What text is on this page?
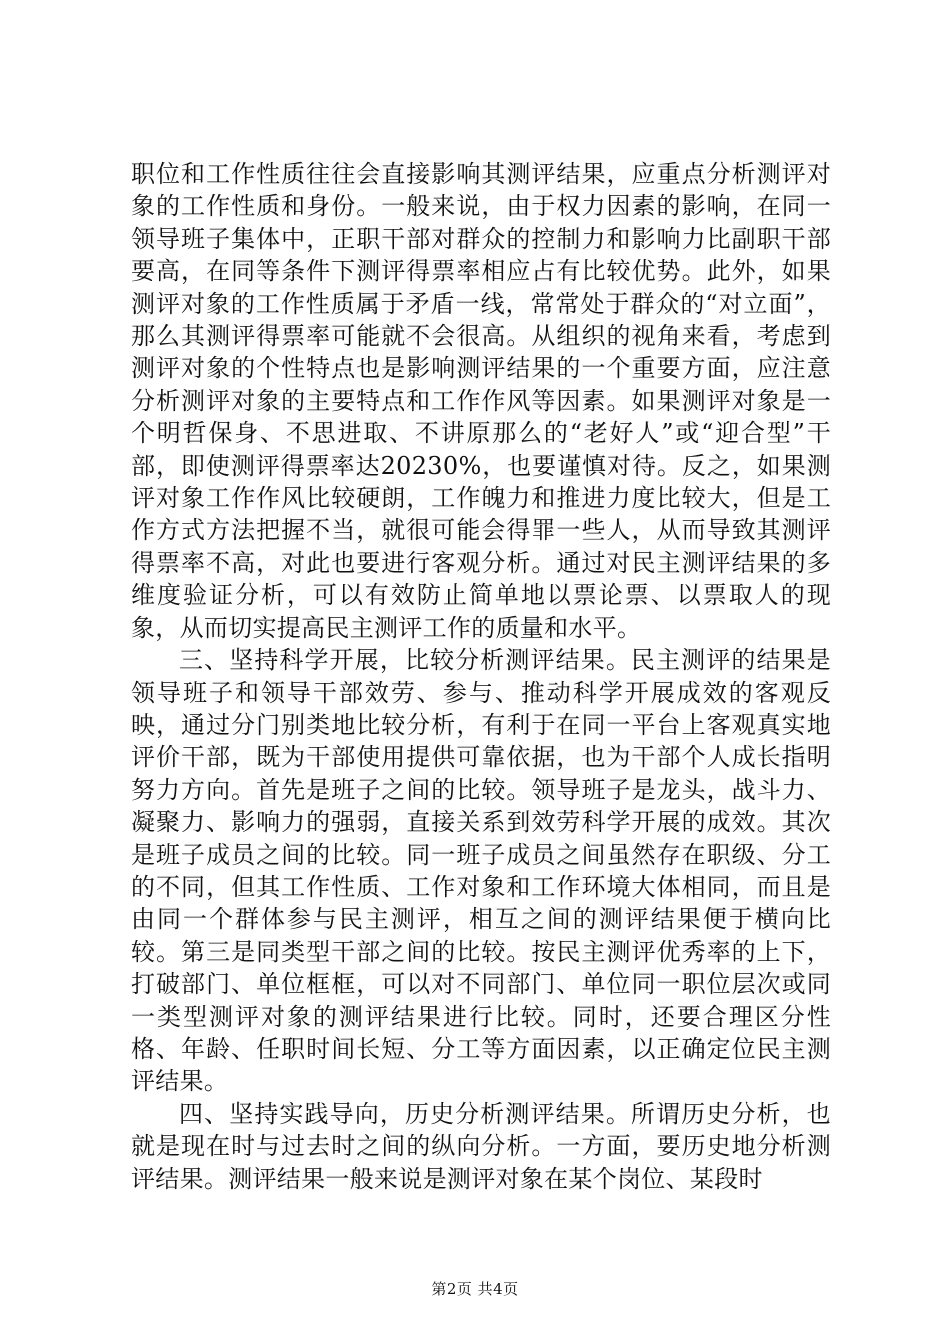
职位和工作性质往往会直接影响其测评结果，应重点分析测评对象的工作性质和身份。一般来说，由于权力因素的影响，在同一领导班子集体中，正职干部对群众的控制力和影响力比副职干部要高，在同等条件下测评得票率相应占有比较优势。此外，如果测评对象的工作性质属于矛盾一线，常常处于群众的“对立面”，那么其测评得票率可能就不会很高。从组织的视角来看，考虑到测评对象的个性特点也是影响测评结果的一个重要方面，应注意分析测评对象的主要特点和工作作风等因素。如果测评对象是一个明哲保身、不思进取、不讲原那么的“老好人”或“迎合型”干部，即使测评得票率达20230%，也要谨慎对待。反之，如果测评对象工作作风比较硬朗，工作魄力和推进力度比较大，但是工作方式方法把握不当，就很可能会得罪一些人，从而导致其测评得票率不高，对此也要进行客观分析。通过对民主测评结果的多维度验证分析，可以有效防止简单地以票论票、以票取人的现象，从而切实提高民主测评工作的质量和水平。

三、坚持科学开展，比较分析测评结果。民主测评的结果是领导班子和领导干部效劳、参与、推动科学开展成效的客观反映，通过分门别类地比较分析，有利于在同一平台上客观真实地评价干部，既为干部使用提供可靠依据，也为干部个人成长指明努力方向。首先是班子之间的比较。领导班子是龙头，战斗力、凝聚力、影响力的强弱，直接关系到效劳科学开展的成效。其次是班子成员之间的比较。同一班子成员之间虽然存在职级、分工的不同，但其工作性质、工作对象和工作环境大体相同，而且是由同一个群体参与民主测评，相互之间的测评结果便于横向比较。第三是同类型干部之间的比较。按民主测评优秀率的上下，打破部门、单位框框，可以对不同部门、单位同一职位层次或同一类型测评对象的测评结果进行比较。同时，还要合理区分性格、年龄、任职时间长短、分工等方面因素，以正确定位民主测评结果。

四、坚持实践导向，历史分析测评结果。所谓历史分析，也就是现在时与过去时之间的纵向分析。一方面，要历史地分析测评结果。测评结果一般来说是测评对象在某个岗位、某段时

第2页 共4页
